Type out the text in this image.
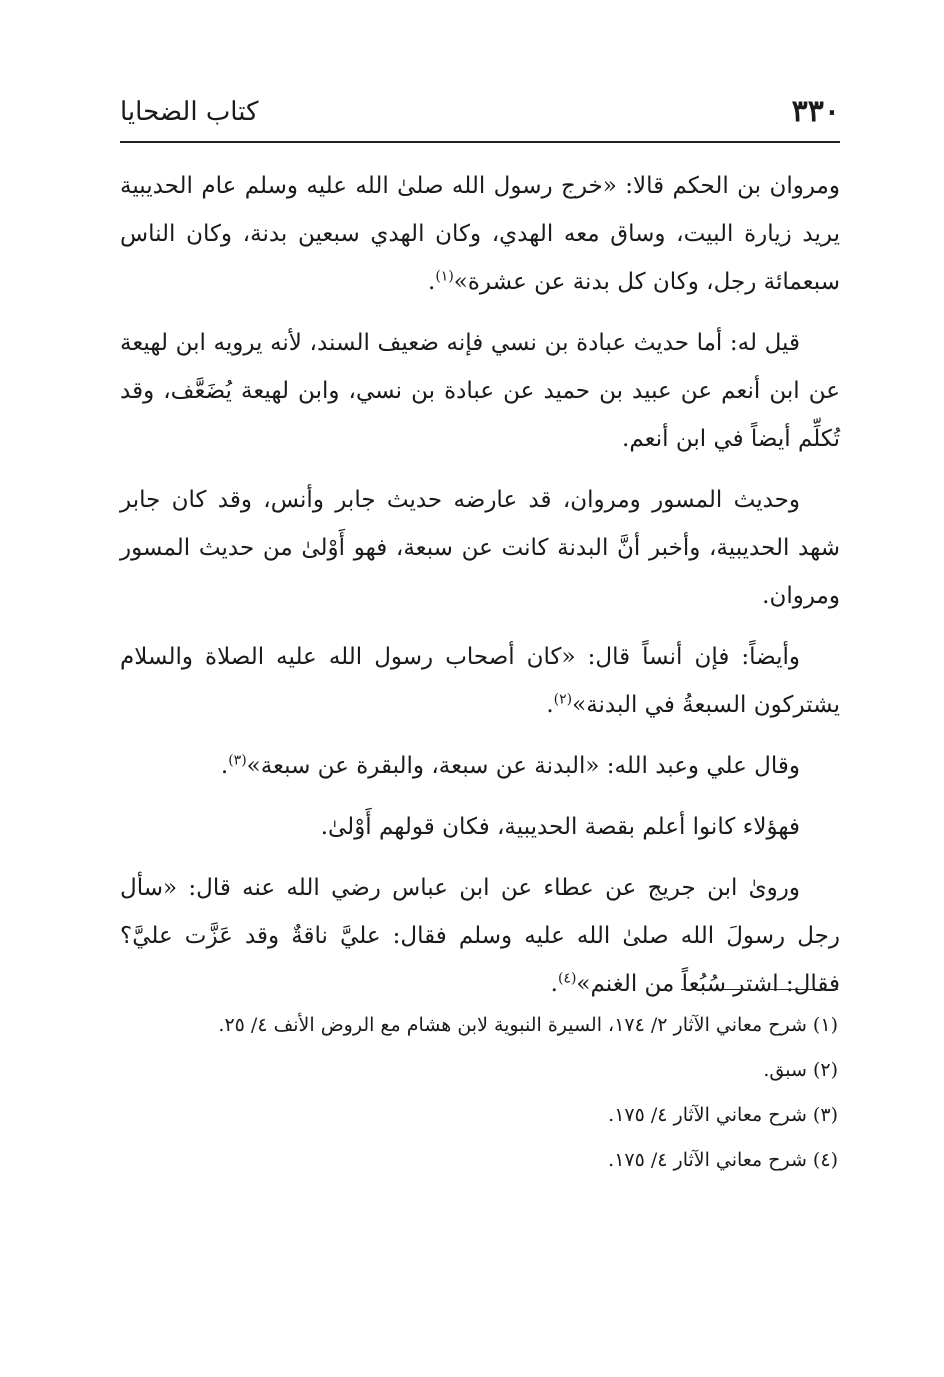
٣٣٠
كتاب الضحايا

ومروان بن الحكم قالا: «خرج رسول الله صلىٰ الله عليه وسلم عام الحديبية يريد زيارة البيت، وساق معه الهدي، وكان الهدي سبعين بدنة، وكان الناس سبعمائة رجل، وكان كل بدنة عن عشرة»$^{(١)}$.

قيل له: أما حديث عبادة بن نسي فإنه ضعيف السند، لأنه يرويه ابن لهيعة عن ابن أنعم عن عبيد بن حميد عن عبادة بن نسي، وابن لهيعة يُضَعَّف، وقد تُكلِّم أيضاً في ابن أنعم.

وحديث المسور ومروان، قد عارضه حديث جابر وأنس، وقد كان جابر شهد الحديبية، وأخبر أنَّ البدنة كانت عن سبعة، فهو أَوْلىٰ من حديث المسور ومروان.

وأيضاً: فإن أنساً قال: «كان أصحاب رسول الله عليه الصلاة والسلام يشتركون السبعةُ في البدنة»$^{(٢)}$.

وقال علي وعبد الله: «البدنة عن سبعة، والبقرة عن سبعة»$^{(٣)}$.

فهؤلاء كانوا أعلم بقصة الحديبية، فكان قولهم أَوْلىٰ.

ورویٰ ابن جريج عن عطاء عن ابن عباس رضي الله عنه قال: «سأل رجل رسولَ الله صلىٰ الله عليه وسلم فقال: عليَّ ناقةٌ وقد عَزَّت عليَّ؟ فقال: اشتر سُبُعاً من الغنم»$^{(٤)}$.

(١) شرح معاني الآثار ٢/ ١٧٤، السيرة النبوية لابن هشام مع الروض الأنف ٤/ ٢٥.

(٢) سبق.

(٣) شرح معاني الآثار ٤/ ١٧٥.

(٤) شرح معاني الآثار ٤/ ١٧٥.
